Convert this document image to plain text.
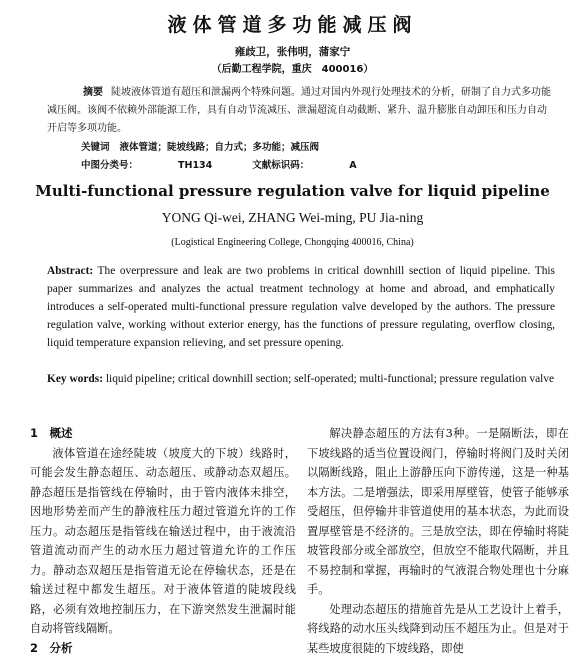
液体管道多功能减压阀
雍歧卫，张伟明，蒲家宁
（后勤工程学院，重庆　400016）
摘要 陡坡液体管道有超压和泄漏两个特殊问题。通过对国内外现行处理技术的分析，研制了自力式多功能减压阀。该阀不依赖外部能源工作，具有自动节流减压、泄漏超流自动截断、紧升、温升膨胀自动卸压和压力自动开启等多项功能。
关键词 液体管道；陡坡线路；自力式；多功能；减压阀
中图分类号：	TH134	文献标识码：	A
Multi-functional pressure regulation valve for liquid pipeline
YONG Qi-wei, ZHANG Wei-ming, PU Jia-ning
(Logistical Engineering College, Chongqing 400016, China)
Abstract: The overpressure and leak are two problems in critical downhill section of liquid pipeline. This paper summarizes and analyzes the actual treatment technology at home and abroad, and emphatically introduces a self-operated multi-functional pressure regulation valve developed by the authors. The pressure regulation valve, working without exterior energy, has the functions of pressure regulating, overflow closing, liquid temperature expansion relieving, and set pressure opening.
Key words: liquid pipeline; critical downhill section; self-operated; multi-functional; pressure regulation valve
1　概述

液体管道在途经陡坡（坡度大的下坡）线路时，可能会发生静态超压、动态超压、或静动态双超压。静态超压是指管线在停输时，由于管内液体未排空，因地形势差而产生的静液柱压力超过管道允许的工作压力。动态超压是指管线在输送过程中，由于液流沿管道流动而产生的动水压力超过管道允许的工作压力。静动态双超压是指管道无论在停输状态，还是在输送过程中都发生超压。对于液体管道的陡坡段线路，必须有效地控制压力，在下游突然发生泄漏时能自动将管线隔断。

2　分析

解决静态超压的方法有3种。一是隔断法，即在下坡线路的适当位置设阀门，停输时将阀门及时关闭以隔断线路，阻止上游静压向下游传递，这是一种基本方法。二是增强法，即采用厚壁管，使管子能够承受超压，但停输井非管道使用的基本状态，为此而设置厚壁管是不经济的。三是放空法，即在停输时将陡坡管段部分或全部放空，但放空不能取代隔断，并且不易控制和掌握，再输时的气液混合物处理也十分麻手。

处理动态超压的措施首先是从工艺设计上着手，将线路的动水压头线降到动压不超压为止。但是对于某些坡度很陡的下坡线路，即使
